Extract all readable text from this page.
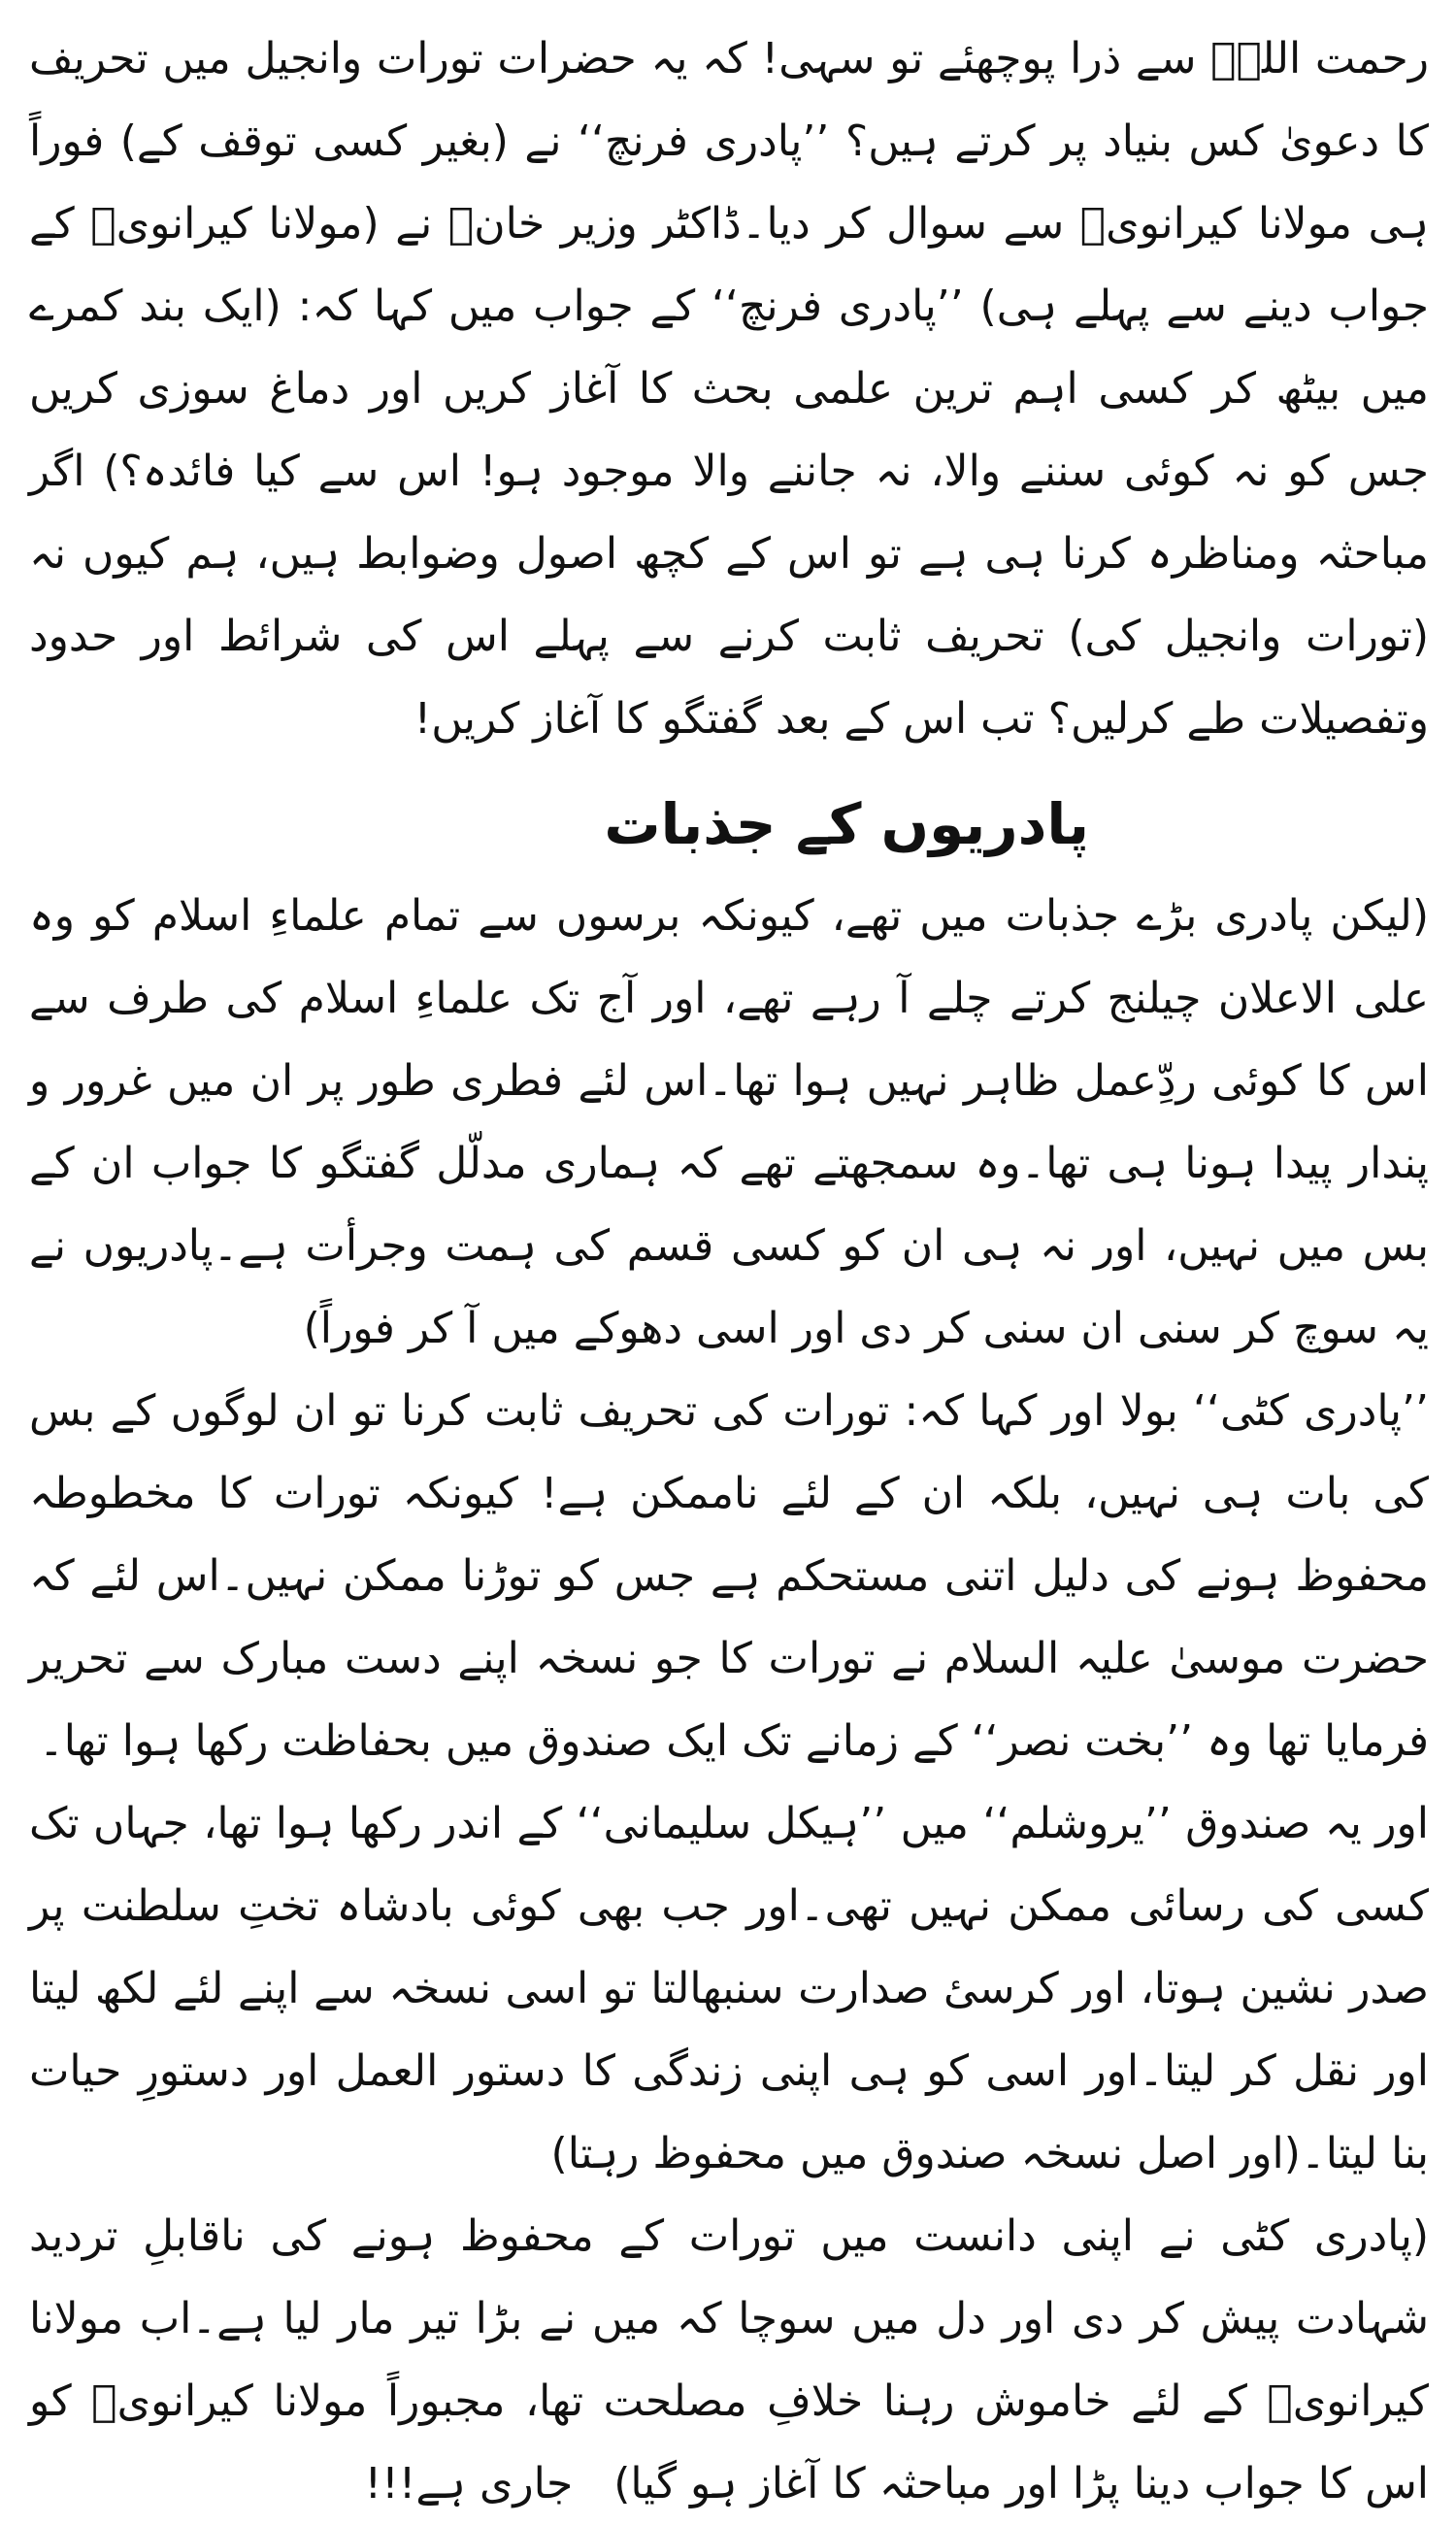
رحمت اللہؒ سے ذرا پوچھئے تو سہی! کہ یہ حضرات تورات وانجیل میں تحریف کا دعویٰ کس بنیاد پر کرتے ہیں؟ ’’پادری فرنچ‘‘ نے (بغیر کسی توقف کے) فوراً ہی مولانا کیرانویؒ سے سوال کر دیا۔ڈاکٹر وزیر خانؒ نے (مولانا کیرانویؒ کے جواب دینے سے پہلے ہی) ’’پادری فرنچ‘‘ کے جواب میں کہا کہ: (ایک بند کمرے میں بیٹھ کر کسی اہم ترین علمی بحث کا آغاز کریں اور دماغ سوزی کریں جس کو نہ کوئی سننے والا، نہ جاننے والا موجود ہو! اس سے کیا فائدہ؟) اگر مباحثہ ومناظرہ کرنا ہی ہے تو اس کے کچھ اصول وضوابط ہیں، ہم کیوں نہ (تورات وانجیل کی) تحریف ثابت کرنے سے پہلے اس کی شرائط اور حدود وتفصیلات طے کرلیں؟ تب اس کے بعد گفتگو کا آغاز کریں!

پادریوں کے جذبات

(لیکن پادری بڑے جذبات میں تھے، کیونکہ برسوں سے تمام علماءِ اسلام کو وہ علی الاعلان چیلنج کرتے چلے آ رہے تھے، اور آج تک علماءِ اسلام کی طرف سے اس کا کوئی ردِّعمل ظاہر نہیں ہوا تھا۔اس لئے فطری طور پر ان میں غرور و پندار پیدا ہونا ہی تھا۔وہ سمجھتے تھے کہ ہماری مدلّل گفتگو کا جواب ان کے بس میں نہیں، اور نہ ہی ان کو کسی قسم کی ہمت وجرأت ہے۔پادریوں نے یہ سوچ کر سنی ان سنی کر دی اور اسی دھوکے میں آ کر فوراً)

’’پادری کٹی‘‘ بولا اور کہا کہ: تورات کی تحریف ثابت کرنا تو ان لوگوں کے بس کی بات ہی نہیں، بلکہ ان کے لئے ناممکن ہے! کیونکہ تورات کا مخطوطہ محفوظ ہونے کی دلیل اتنی مستحکم ہے جس کو توڑنا ممکن نہیں۔اس لئے کہ حضرت موسیٰ علیہ السلام نے تورات کا جو نسخہ اپنے دست مبارک سے تحریر فرمایا تھا وہ ’’بخت نصر‘‘ کے زمانے تک ایک صندوق میں بحفاظت رکھا ہوا تھا۔

اور یہ صندوق ’’یروشلم‘‘ میں ’’ہیکل سلیمانی‘‘ کے اندر رکھا ہوا تھا، جہاں تک کسی کی رسائی ممکن نہیں تھی۔اور جب بھی کوئی بادشاہ تختِ سلطنت پر صدر نشین ہوتا، اور کرسیٔ صدارت سنبھالتا تو اسی نسخہ سے اپنے لئے لکھ لیتا اور نقل کر لیتا۔اور اسی کو ہی اپنی زندگی کا دستور العمل اور دستورِ حیات بنا لیتا۔(اور اصل نسخہ صندوق میں محفوظ رہتا)

(پادری کٹی نے اپنی دانست میں تورات کے محفوظ ہونے کی ناقابلِ تردید شہادت پیش کر دی اور دل میں سوچا کہ میں نے بڑا تیر مار لیا ہے۔اب مولانا کیرانویؒ کے لئے خاموش رہنا خلافِ مصلحت تھا، مجبوراً مولانا کیرانویؒ کو اس کا جواب دینا پڑا اور مباحثہ کا آغاز ہو گیا)   جاری ہے!!!
